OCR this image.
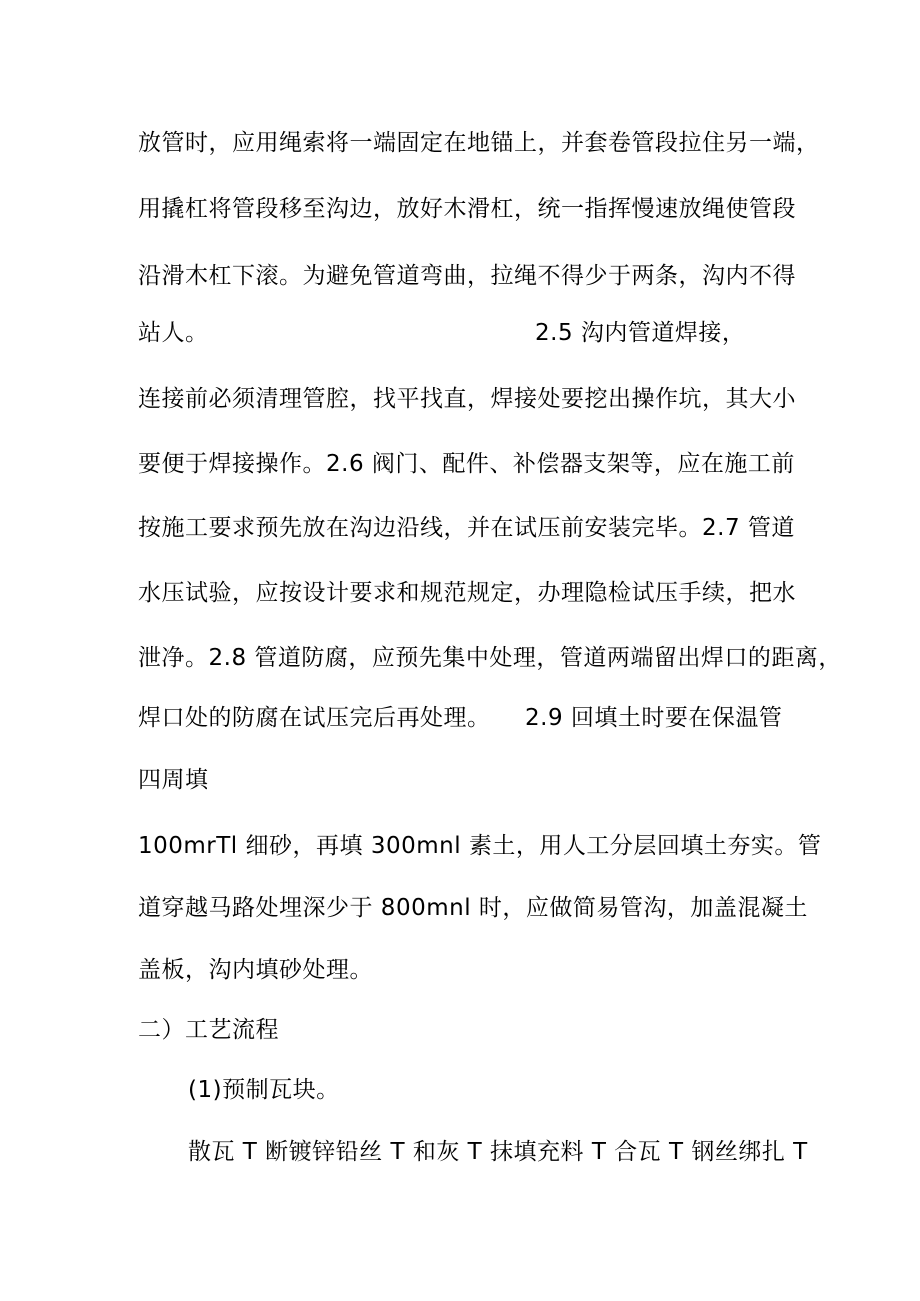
放管时，应用绳索将一端固定在地锚上，并套卷管段拉住另一端，
用撬杠将管段移至沟边，放好木滑杠，统一指挥慢速放绳使管段
沿滑木杠下滚。为避免管道弯曲，拉绳不得少于两条，沟内不得
站人。	2.5 沟内管道焊接，
连接前必须清理管腔，找平找直，焊接处要挖出操作坑，其大小
要便于焊接操作。2.6 阀门、配件、补偿器支架等，应在施工前
按施工要求预先放在沟边沿线，并在试压前安装完毕。2.7 管道
水压试验，应按设计要求和规范规定，办理隐检试压手续，把水
泄净。2.8 管道防腐，应预先集中处理，管道两端留出焊口的距离，
焊口处的防腐在试压完后再处理。 2.9 回填土时要在保温管
四周填
100mrTl 细砂，再填 300mnl 素土，用人工分层回填土夯实。管
道穿越马路处埋深少于 800mnl 时，应做简易管沟，加盖混凝土
盖板，沟内填砂处理。
二）工艺流程
(1)预制瓦块。
散瓦 T 断镀锌铅丝 T 和灰 T 抹填充料 T 合瓦 T 钢丝绑扎 T
